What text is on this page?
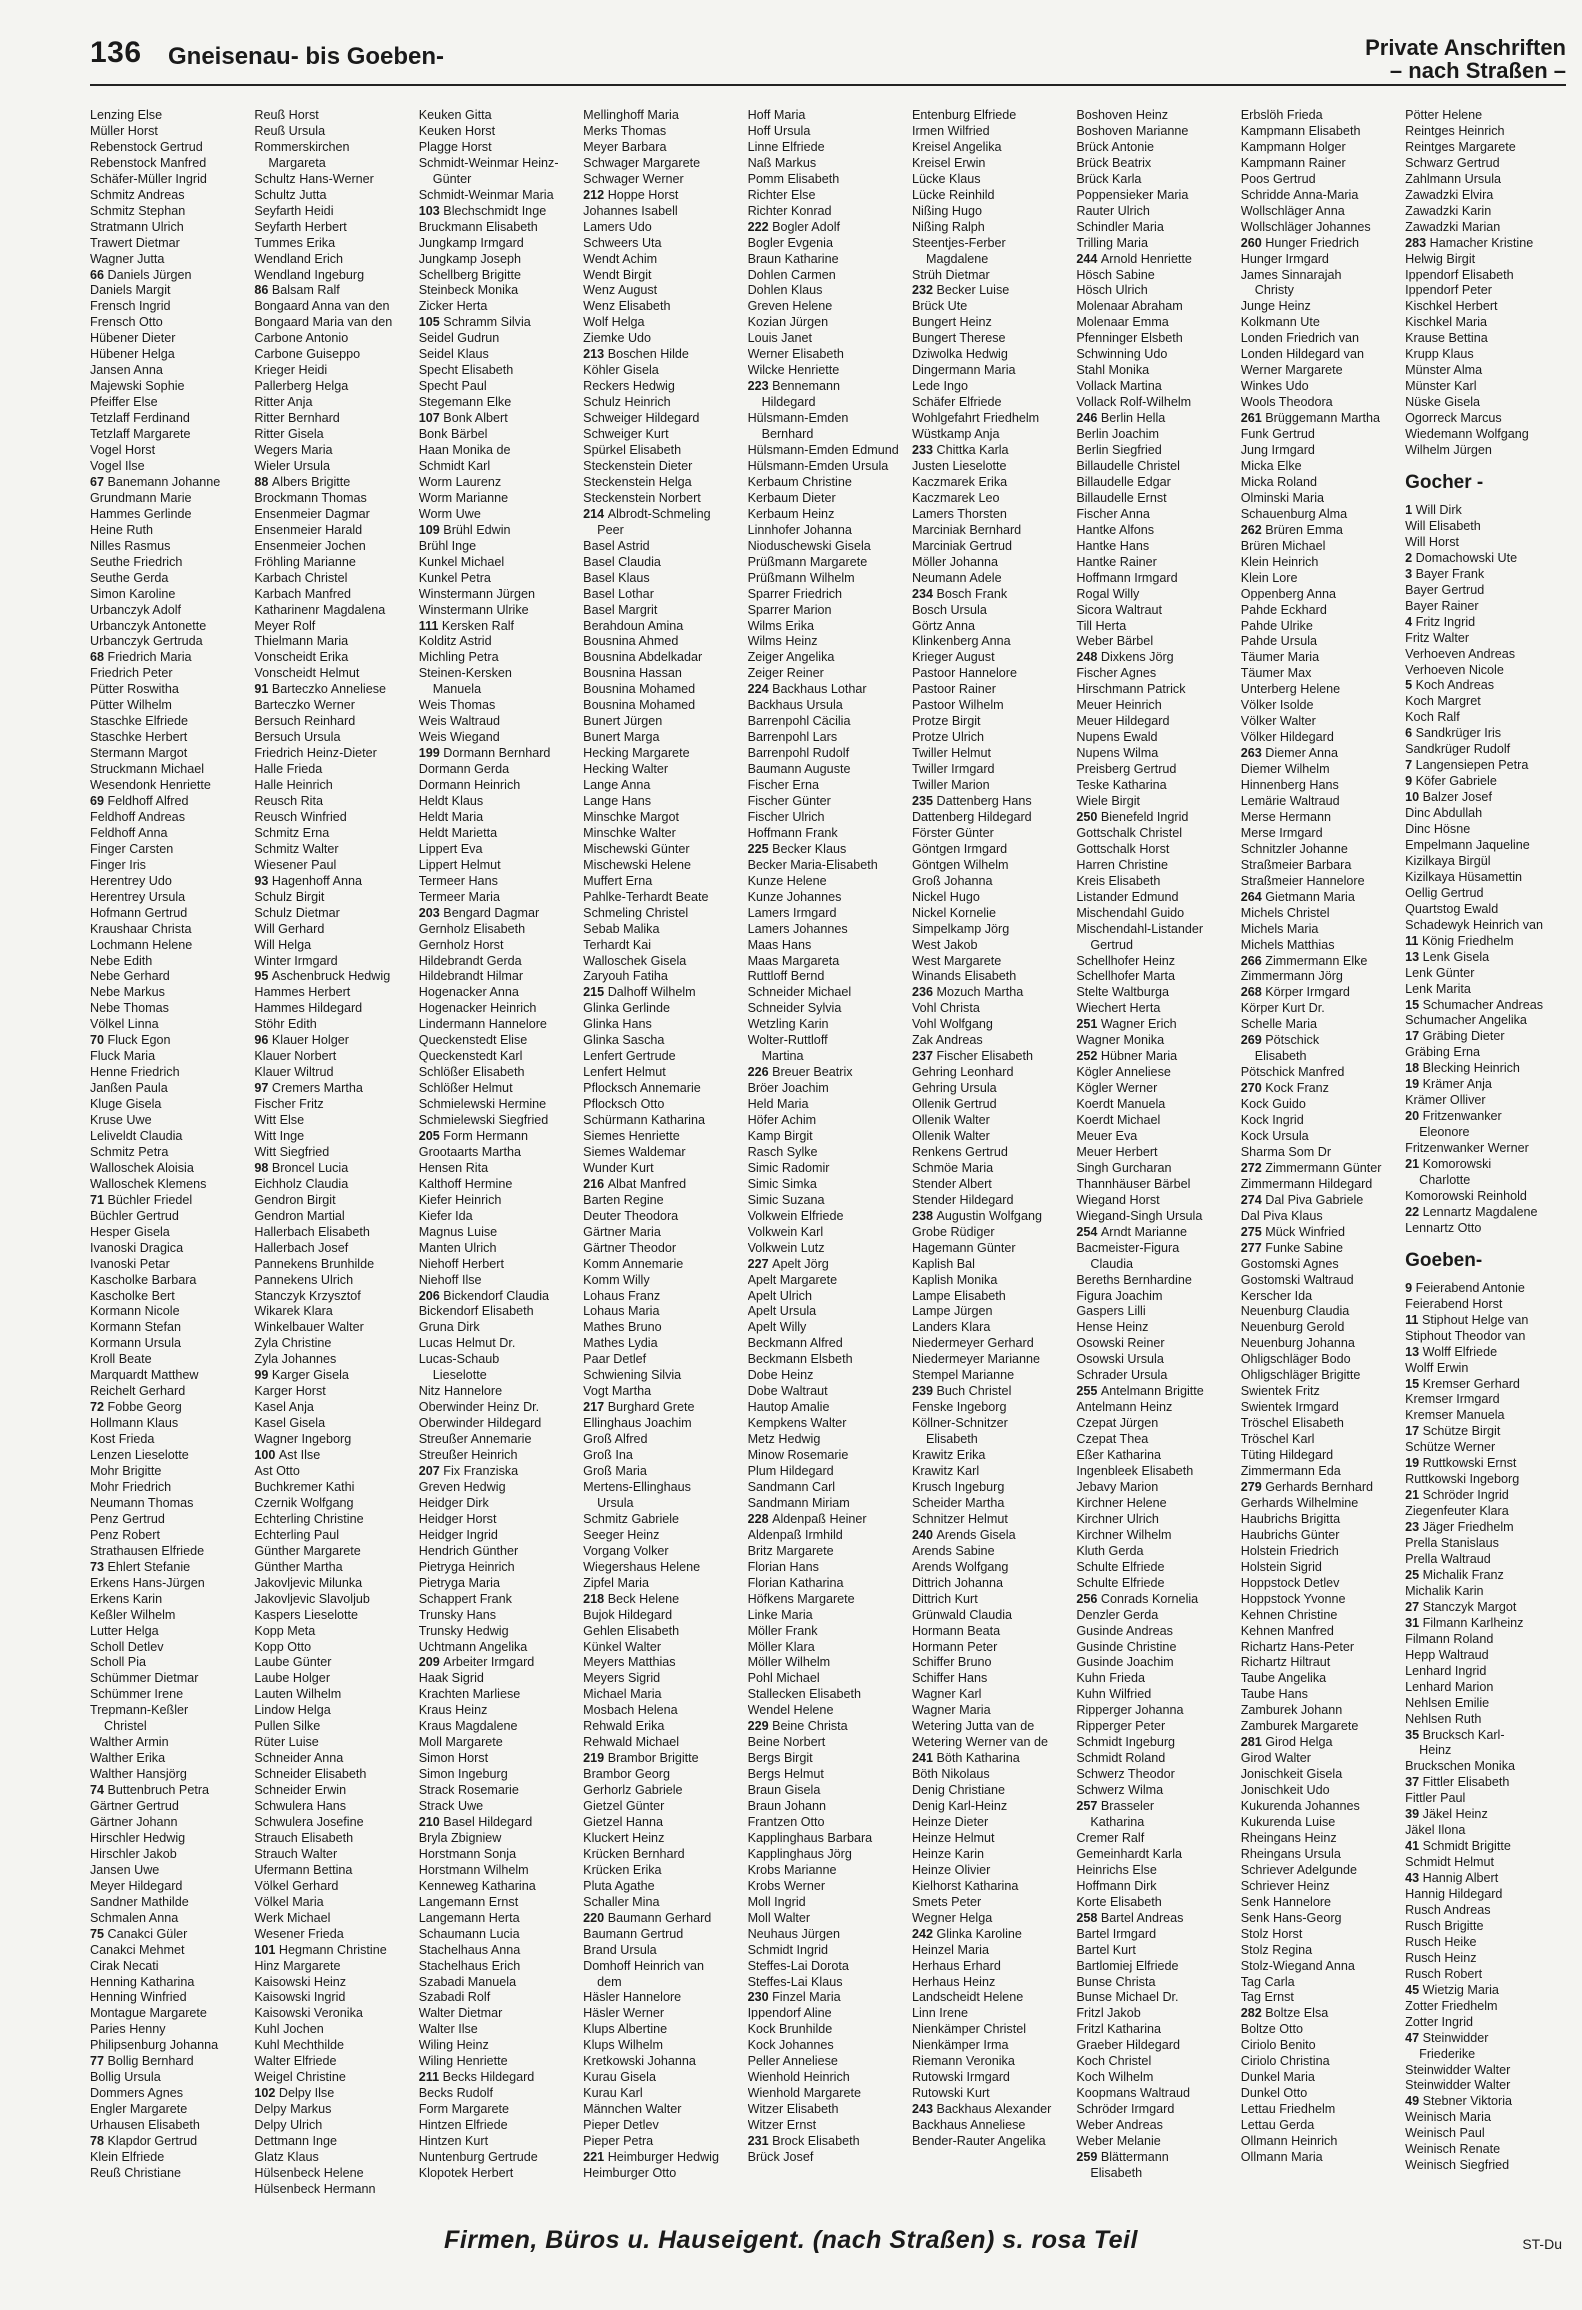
136 Gneisenau- bis Goeben-	Private Anschriften
– nach Straßen –
Lenzing Else
Müller Horst
Rebenstock Gertrud
Rebenstock Manfred
Schäfer-Müller Ingrid
Schmitz Andreas
Schmitz Stephan
Stratmann Ulrich
Trawert Dietmar
Wagner Jutta
66 Daniels Jürgen
Daniels Margit
Frensch Ingrid
Frensch Otto
Hübener Dieter
Hübener Helga
Jansen Anna
Majewski Sophie
Pfeiffer Else
Tetzlaff Ferdinand
Tetzlaff Margarete
Vogel Horst
Vogel Ilse
67 Banemann Johanne
Grundmann Marie
Hammes Gerlinde
Heine Ruth
Nilles Rasmus
Seuthe Friedrich
Seuthe Gerda
Simon Karoline
Urbanczyk Adolf
Urbanczyk Antonette
Urbanczyk Gertruda
68 Friedrich Maria
Friedrich Peter
Pütter Roswitha
Pütter Wilhelm
Staschke Elfriede
Staschke Herbert
Stermann Margot
Struckmann Michael
Wesendonk Henriette
69 Feldhoff Alfred
Feldhoff Andreas
Feldhoff Anna
Finger Carsten
Finger Iris
Herentrey Udo
Herentrey Ursula
Hofmann Gertrud
Kraushaar Christa
Lochmann Helene
Nebe Edith
Nebe Gerhard
Nebe Markus
Nebe Thomas
Völkel Linna
70 Fluck Egon
Fluck Maria
Henne Friedrich
Janßen Paula
Kluge Gisela
Kruse Uwe
Leliveldt Claudia
Schmitz Petra
Walloschek Aloisia
Walloschek Klemens
71 Büchler Friedel
Büchler Gertrud
Hesper Gisela
Ivanoski Dragica
Ivanoski Petar
Kascholke Barbara
Kascholke Bert
Kormann Nicole
Kormann Stefan
Kormann Ursula
Kroll Beate
Marquardt Matthew
Reichelt Gerhard
72 Fobbe Georg
Hollmann Klaus
Kost Frieda
Lenzen Lieselotte
Mohr Brigitte
Mohr Friedrich
Neumann Thomas
Penz Gertrud
Penz Robert
Strathausen Elfriede
73 Ehlert Stefanie
Erkens Hans-Jürgen
Erkens Karin
Keßler Wilhelm
Lutter Helga
Scholl Detlev
Scholl Pia
Schümmer Dietmar
Schümmer Irene
Trepmann-Keßler
Christel
Walther Armin
Walther Erika
Walther Hansjörg
74 Buttenbruch Petra
Gärtner Gertrud
Gärtner Johann
Hirschler Hedwig
Hirschler Jakob
Jansen Uwe
Meyer Hildegard
Sandner Mathilde
Schmalen Anna
75 Canakci Güler
Canakci Mehmet
Cirak Necati
Henning Katharina
Henning Winfried
Montague Margarete
Paries Henny
Philipsenburg Johanna
77 Bollig Bernhard
Bollig Ursula
Dommers Agnes
Engler Margarete
Urhausen Elisabeth
78 Klapdor Gertrud
Klein Elfriede
Reuß Christiane
Reuß Horst
Reuß Ursula
Rommerskirchen
Margareta
Schultz Hans-Werner
Schultz Jutta
Seyfarth Heidi
Seyfarth Herbert
Tummes Erika
Wendland Erich
Wendland Ingeburg
86 Balsam Ralf
Bongaard Anna van den
Bongaard Maria van den
Carbone Antonio
Carbone Guiseppo
Krieger Heidi
Pallerberg Helga
Ritter Anja
Ritter Bernhard
Ritter Gisela
Wegers Maria
Wieler Ursula
88 Albers Brigitte
Brockmann Thomas
Ensenmeier Dagmar
Ensenmeier Harald
Ensenmeier Jochen
Fröhling Marianne
Karbach Christel
Karbach Manfred
Katharinenr Magdalena
Meyer Rolf
Thielmann Maria
Vonscheidt Erika
Vonscheidt Helmut
91 Barteczko Anneliese
Barteczko Werner
Bersuch Reinhard
Bersuch Ursula
Friedrich Heinz-Dieter
Halle Frieda
Halle Heinrich
Reusch Rita
Reusch Winfried
Schmitz Erna
Schmitz Walter
Wiesener Paul
93 Hagenhoff Anna
Schulz Birgit
Schulz Dietmar
Will Gerhard
Will Helga
Winter Irmgard
95 Aschenbruck Hedwig
Hammes Herbert
Hammes Hildegard
Stöhr Edith
96 Klauer Holger
Klauer Norbert
Klauer Wiltrud
97 Cremers Martha
Fischer Fritz
Witt Else
Witt Inge
Witt Siegfried
98 Broncel Lucia
Eichholz Claudia
Gendron Birgit
Gendron Martial
Hallerbach Elisabeth
Hallerbach Josef
Pannekens Brunhilde
Pannekens Ulrich
Stanczyk Krzysztof
Wikarek Klara
Winkelbauer Walter
Zyla Christine
Zyla Johannes
99 Karger Gisela
Karger Horst
Kasel Anja
Kasel Gisela
Wagner Ingeborg
100 Ast Ilse
Ast Otto
Buchkremer Kathi
Czernik Wolfgang
Echterling Christine
Echterling Paul
Günther Margarete
Günther Martha
Jakovljevic Milunka
Jakovljevic Slavoljub
Kaspers Lieselotte
Kopp Meta
Kopp Otto
Laube Günter
Laube Holger
Lauten Wilhelm
Lindow Helga
Pullen Silke
Rüter Luise
Schneider Anna
Schneider Elisabeth
Schneider Erwin
Schwulera Hans
Schwulera Josefine
Strauch Elisabeth
Strauch Walter
Ufermann Bettina
Völkel Gerhard
Völkel Maria
Werk Michael
Wesener Frieda
101 Hegmann Christine
Hinz Margarete
Kaisowski Heinz
Kaisowski Ingrid
Kaisowski Veronika
Kuhl Jochen
Kuhl Mechthilde
Walter Elfriede
Weigel Christine
102 Delpy Ilse
Delpy Markus
Delpy Ulrich
Dettmann Inge
Glatz Klaus
Hülsenbeck Helene
Hülsenbeck Hermann
Keuken Gitta
Keuken Horst
Plagge Horst
Schmidt-Weinmar Heinz-
Günter
Schmidt-Weinmar Maria
103 Blechschmidt Inge
Bruckmann Elisabeth
Jungkamp Irmgard
Jungkamp Joseph
Schellberg Brigitte
Steinbeck Monika
Zicker Herta
105 Schramm Silvia
Seidel Gudrun
Seidel Klaus
Specht Elisabeth
Specht Paul
Stegemann Elke
107 Bonk Albert
Bonk Bärbel
Haan Monika de
Schmidt Karl
Worm Laurenz
Worm Marianne
Worm Uwe
109 Brühl Edwin
Brühl Inge
Kunkel Michael
Kunkel Petra
Winstermann Jürgen
Winstermann Ulrike
111 Kersken Ralf
Kolditz Astrid
Michling Petra
Steinen-Kersken
Manuela
Weis Thomas
Weis Waltraud
Weis Wiegand
199 Dormann Bernhard
Dormann Gerda
Dormann Heinrich
Heldt Klaus
Heldt Maria
Heldt Marietta
Lippert Eva
Lippert Helmut
Termeer Hans
Termeer Maria
203 Bengard Dagmar
Gernholz Elisabeth
Gernholz Horst
Hildebrandt Gerda
Hildebrandt Hilmar
Hogenacker Anna
Hogenacker Heinrich
Lindermann Hannelore
Queckenstedt Elise
Queckenstedt Karl
Schlößer Elisabeth
Schlößer Helmut
Schmielewski Hermine
Schmielewski Siegfried
205 Form Hermann
Grootaarts Martha
Hensen Rita
Kalthoff Hermine
Kiefer Heinrich
Kiefer Ida
Magnus Luise
Manten Ulrich
Niehoff Herbert
Niehoff Ilse
206 Bickendorf Claudia
Bickendorf Elisabeth
Gruna Dirk
Lucas Helmut Dr.
Lucas-Schaub
Lieselotte
Nitz Hannelore
Oberwinder Heinz Dr.
Oberwinder Hildegard
Streußer Annemarie
Streußer Heinrich
207 Fix Franziska
Greven Hedwig
Heidger Dirk
Heidger Horst
Heidger Ingrid
Hendrich Günther
Pietryga Heinrich
Pietryga Maria
Schappert Frank
Trunsky Hans
Trunsky Hedwig
Uchtmann Angelika
209 Arbeiter Irmgard
Haak Sigrid
Krachten Marliese
Kraus Heinz
Kraus Magdalene
Moll Margarete
Simon Horst
Simon Ingeburg
Strack Rosemarie
Strack Uwe
210 Basel Hildegard
Bryla Zbigniew
Horstmann Sonja
Horstmann Wilhelm
Kenneweg Katharina
Langemann Ernst
Langemann Herta
Schaumann Lucia
Stachelhaus Anna
Stachelhaus Erich
Szabadi Manuela
Szabadi Rolf
Walter Dietmar
Walter Ilse
Wiling Heinz
Wiling Henriette
211 Becks Hildegard
Becks Rudolf
Form Margarete
Hintzen Elfriede
Hintzen Kurt
Nuntenburg Gertrude
Klopotek Herbert
Mellinghoff Maria
Merks Thomas
Meyer Barbara
Schwager Margarete
Schwager Werner
212 Hoppe Horst
Johannes Isabell
Lamers Udo
Schweers Uta
Wendt Achim
Wendt Birgit
Wenz August
Wenz Elisabeth
Wolf Helga
Ziemke Udo
213 Boschen Hilde
Köhler Gisela
Reckers Hedwig
Schulz Heinrich
Schweiger Hildegard
Schweiger Kurt
Spürkel Elisabeth
Steckenstein Dieter
Steckenstein Helga
Steckenstein Norbert
214 Albrodt-Schmeling
Peer
Basel Astrid
Basel Claudia
Basel Klaus
Basel Lothar
Basel Margrit
Berahdoun Amina
Bousnina Ahmed
Bousnina Abdelkadar
Bousnina Hassan
Bousnina Mohamed
Bousnina Mohamed
Bunert Jürgen
Bunert Marga
Hecking Margarete
Hecking Walter
Lange Anna
Lange Hans
Minschke Margot
Minschke Walter
Mischewski Günter
Mischewski Helene
Muffert Erna
Pahlke-Terhardt Beate
Schmeling Christel
Sebab Malika
Terhardt Kai
Walloschek Gisela
Zaryouh Fatiha
215 Dalhoff Wilhelm
Glinka Gerlinde
Glinka Hans
Glinka Sascha
Lenfert Gertrude
Lenfert Helmut
Pflocksch Annemarie
Pflocksch Otto
Schürmann Katharina
Siemes Henriette
Siemes Waldemar
Wunder Kurt
216 Albat Manfred
Barten Regine
Deuter Theodora
Gärtner Maria
Gärtner Theodor
Komm Annemarie
Komm Willy
Lohaus Franz
Lohaus Maria
Mathes Bruno
Mathes Lydia
Paar Detlef
Schwiening Silvia
Vogt Martha
217 Burghard Grete
Ellinghaus Joachim
Groß Alfred
Groß Ina
Groß Maria
Mertens-Ellinghaus
Ursula
Schmitz Gabriele
Seeger Heinz
Vorgang Volker
Wiegershaus Helene
Zipfel Maria
218 Beck Helene
Bujok Hildegard
Gehlen Elisabeth
Künkel Walter
Meyers Matthias
Meyers Sigrid
Michael Maria
Mosbach Helena
Rehwald Erika
Rehwald Michael
219 Brambor Brigitte
Brambor Georg
Gerhorlz Gabriele
Gietzel Günter
Gietzel Hanna
Kluckert Heinz
Krücken Bernhard
Krücken Erika
Pluta Agathe
Schaller Mina
220 Baumann Gerhard
Baumann Gertrud
Brand Ursula
Domhoff Heinrich van
dem
Häsler Hannelore
Häsler Werner
Klups Albertine
Klups Wilhelm
Kretkowski Johanna
Kurau Gisela
Kurau Karl
Männchen Walter
Pieper Detlev
Pieper Petra
221 Heimburger Hedwig
Heimburger Otto
Hoff Maria
Hoff Ursula
Linne Elfriede
Naß Markus
Pomm Elisabeth
Richter Else
Richter Konrad
222 Bogler Adolf
Bogler Evgenia
Braun Katharine
Dohlen Carmen
Dohlen Klaus
Greven Helene
Kozian Jürgen
Louis Janet
Werner Elisabeth
Wilcke Henriette
223 Bennemann
Hildegard
Hülsmann-Emden
Bernhard
Hülsmann-Emden Edmund
Hülsmann-Emden Ursula
Kerbaum Christine
Kerbaum Dieter
Kerbaum Heinz
Linnhofer Johanna
Nioduschewski Gisela
Prüßmann Margarete
Prüßmann Wilhelm
Sparrer Friedrich
Sparrer Marion
Wilms Erika
Wilms Heinz
Zeiger Angelika
Zeiger Reiner
224 Backhaus Lothar
Backhaus Ursula
Barrenpohl Cäcilia
Barrenpohl Lars
Barrenpohl Rudolf
Baumann Auguste
Fischer Erna
Fischer Günter
Fischer Ulrich
Hoffmann Frank
225 Becker Klaus
Becker Maria-Elisabeth
Kunze Helene
Kunze Johannes
Lamers Irmgard
Lamers Johannes
Maas Hans
Maas Margareta
Ruttloff Bernd
Schneider Michael
Schneider Sylvia
Wetzling Karin
Wolter-Ruttloff
Martina
226 Breuer Beatrix
Bröer Joachim
Held Maria
Höfer Achim
Kamp Birgit
Rasch Sylke
Simic Radomir
Simic Simka
Simic Suzana
Volkwein Elfriede
Volkwein Karl
Volkwein Lutz
227 Apelt Jörg
Apelt Margarete
Apelt Ulrich
Apelt Ursula
Apelt Willy
Beckmann Alfred
Beckmann Elsbeth
Dobe Heinz
Dobe Waltraut
Hautop Amalie
Kempkens Walter
Metz Hedwig
Minow Rosemarie
Plum Hildegard
Sandmann Carl
Sandmann Miriam
228 Aldenpaß Heiner
Aldenpaß Irmhild
Britz Margarete
Florian Hans
Florian Katharina
Höfkens Margarete
Linke Maria
Möller Frank
Möller Klara
Möller Wilhelm
Pohl Michael
Stallecken Elisabeth
Wendel Helene
229 Beine Christa
Beine Norbert
Bergs Birgit
Bergs Helmut
Braun Gisela
Braun Johann
Frantzen Otto
Kapplinghaus Barbara
Kapplinghaus Jörg
Krobs Marianne
Krobs Werner
Moll Ingrid
Moll Walter
Neuhaus Jürgen
Schmidt Ingrid
Steffes-Lai Dorota
Steffes-Lai Klaus
230 Finzel Maria
Ippendorf Aline
Kock Brunhilde
Kock Johannes
Peller Anneliese
Wienhold Heinrich
Wienhold Margarete
Witzer Elisabeth
Witzer Ernst
231 Brock Elisabeth
Brück Josef
Entenburg Elfriede
Irmen Wilfried
Kreisel Angelika
Kreisel Erwin
Lücke Klaus
Lücke Reinhild
Nißing Hugo
Nißing Ralph
Steentjes-Ferber
Magdalene
Strüh Dietmar
232 Becker Luise
Brück Ute
Bungert Heinz
Bungert Therese
Dziwolka Hedwig
Dingermann Maria
Lede Ingo
Schäfer Elfriede
Wohlgefahrt Friedhelm
Wüstkamp Anja
233 Chittka Karla
Justen Lieselotte
Kaczmarek Erika
Kaczmarek Leo
Lamers Thorsten
Marciniak Bernhard
Marciniak Gertrud
Möller Johanna
Neumann Adele
234 Bosch Frank
Bosch Ursula
Görtz Anna
Klinkenberg Anna
Krieger August
Pastoor Hannelore
Pastoor Rainer
Pastoor Wilhelm
Protze Birgit
Protze Ulrich
Twiller Helmut
Twiller Irmgard
Twiller Marion
235 Dattenberg Hans
Dattenberg Hildegard
Förster Günter
Göntgen Irmgard
Göntgen Wilhelm
Groß Johanna
Nickel Hugo
Nickel Kornelie
Simpelkamp Jörg
West Jakob
West Margarete
Winands Elisabeth
236 Mozuch Martha
Vohl Christa
Vohl Wolfgang
Zak Andreas
237 Fischer Elisabeth
Gehring Leonhard
Gehring Ursula
Ollenik Gertrud
Ollenik Walter
Ollenik Walter
Renkens Gertrud
Schmöe Maria
Stender Albert
Stender Hildegard
238 Augustin Wolfgang
Grobe Rüdiger
Hagemann Günter
Kaplish Bal
Kaplish Monika
Lampe Elisabeth
Lampe Jürgen
Landers Klara
Niedermeyer Gerhard
Niedermeyer Marianne
Stempel Marianne
239 Buch Christel
Fenske Ingeborg
Köllner-Schnitzer
Elisabeth
Krawitz Erika
Krawitz Karl
Krusch Ingeburg
Scheider Martha
Schnitzer Helmut
240 Arends Gisela
Arends Sabine
Arends Wolfgang
Dittrich Johanna
Dittrich Kurt
Grünwald Claudia
Hormann Beata
Hormann Peter
Schiffer Bruno
Schiffer Hans
Wagner Karl
Wagner Maria
Wetering Jutta van de
Wetering Werner van de
241 Böth Katharina
Böth Nikolaus
Denig Christiane
Denig Karl-Heinz
Heinze Dieter
Heinze Helmut
Heinze Karin
Heinze Olivier
Kielhorst Katharina
Smets Peter
Wegner Helga
242 Glinka Karoline
Heinzel Maria
Herhaus Erhard
Herhaus Heinz
Landscheidt Helene
Linn Irene
Nienkämper Christel
Nienkämper Irma
Riemann Veronika
Rutowski Irmgard
Rutowski Kurt
243 Backhaus Alexander
Backhaus Anneliese
Bender-Rauter Angelika
Boshoven Heinz
Boshoven Marianne
Brück Antonie
Brück Beatrix
Brück Karla
Poppensieker Maria
Rauter Ulrich
Schindler Maria
Trilling Maria
244 Arnold Henriette
Hösch Sabine
Hösch Ulrich
Molenaar Abraham
Molenaar Emma
Pfenninger Elsbeth
Schwinning Udo
Stahl Monika
Vollack Martina
Vollack Rolf-Wilhelm
246 Berlin Hella
Berlin Joachim
Berlin Siegfried
Billaudelle Christel
Billaudelle Edgar
Billaudelle Ernst
Fischer Anna
Hantke Alfons
Hantke Hans
Hantke Rainer
Hoffmann Irmgard
Rogal Willy
Sicora Waltraut
Till Herta
Weber Bärbel
248 Dixkens Jörg
Fischer Agnes
Hirschmann Patrick
Meuer Heinrich
Meuer Hildegard
Nupens Ewald
Nupens Wilma
Preisberg Gertrud
Teske Katharina
Wiele Birgit
250 Bienefeld Ingrid
Gottschalk Christel
Gottschalk Horst
Harren Christine
Kreis Elisabeth
Listander Edmund
Mischendahl Guido
Mischendahl-Listander
Gertrud
Schellhofer Heinz
Schellhofer Marta
Stelte Waltburga
Wiechert Herta
251 Wagner Erich
Wagner Monika
252 Hübner Maria
Kögler Anneliese
Kögler Werner
Koerdt Manuela
Koerdt Michael
Meuer Eva
Meuer Herbert
Singh Gurcharan
Thannhäuser Bärbel
Wiegand Horst
Wiegand-Singh Ursula
254 Arndt Marianne
Bacmeister-Figura
Claudia
Bereths Bernhardine
Figura Joachim
Gaspers Lilli
Hense Heinz
Osowski Reiner
Osowski Ursula
Schrader Ursula
255 Antelmann Brigitte
Antelmann Heinz
Czepat Jürgen
Czepat Thea
Eßer Katharina
Ingenbleek Elisabeth
Jebavy Marion
Kirchner Helene
Kirchner Ulrich
Kirchner Wilhelm
Kluth Gerda
Schulte Elfriede
Schulte Elfriede
256 Conrads Kornelia
Denzler Gerda
Gusinde Andreas
Gusinde Christine
Gusinde Joachim
Kuhn Frieda
Kuhn Wilfried
Ripperger Johanna
Ripperger Peter
Schmidt Ingeburg
Schmidt Roland
Schwerz Theodor
Schwerz Wilma
257 Brasseler
Katharina
Cremer Ralf
Gemeinhardt Karla
Heinrichs Else
Hoffmann Dirk
Korte Elisabeth
258 Bartel Andreas
Bartel Irmgard
Bartel Kurt
Bartlomiej Elfriede
Bunse Christa
Bunse Michael Dr.
Fritzl Jakob
Fritzl Katharina
Graeber Hildegard
Koch Christel
Koch Wilhelm
Koopmans Waltraud
Schröder Irmgard
Weber Andreas
Weber Melanie
259 Blättermann
Elisabeth
Erbslöh Frieda
Kampmann Elisabeth
Kampmann Holger
Kampmann Rainer
Poos Gertrud
Schridde Anna-Maria
Wollschläger Anna
Wollschläger Johannes
260 Hunger Friedrich
Hunger Irmgard
James Sinnarajah
Christy
Junge Heinz
Kolkmann Ute
Londen Friedrich van
Londen Hildegard van
Werner Margarete
Winkes Udo
Wools Theodora
261 Brüggemann Martha
Funk Gertrud
Jung Irmgard
Micka Elke
Micka Roland
Olminski Maria
Schauenburg Alma
262 Brüren Emma
Brüren Michael
Klein Heinrich
Klein Lore
Oppenberg Anna
Pahde Eckhard
Pahde Ulrike
Pahde Ursula
Täumer Maria
Täumer Max
Unterberg Helene
Völker Isolde
Völker Walter
Völker Hildegard
263 Diemer Anna
Diemer Wilhelm
Hinnenberg Hans
Lemärie Waltraud
Merse Hermann
Merse Irmgard
Schnitzler Johanne
Straßmeier Barbara
Straßmeier Hannelore
264 Gietmann Maria
Michels Christel
Michels Maria
Michels Matthias
266 Zimmermann Elke
Zimmermann Jörg
268 Körper Irmgard
Körper Kurt Dr.
Schelle Maria
269 Pötschick
Elisabeth
Pötschick Manfred
270 Kock Franz
Kock Guido
Kock Ingrid
Kock Ursula
Sharma Som Dr
272 Zimmermann Günter
Zimmermann Hildegard
274 Dal Piva Gabriele
Dal Piva Klaus
275 Mück Winfried
277 Funke Sabine
Gostomski Agnes
Gostomski Waltraud
Kerscher Ida
Neuenburg Claudia
Neuenburg Gerold
Neuenburg Johanna
Ohligschläger Bodo
Ohligschläger Brigitte
Swientek Fritz
Swientek Irmgard
Tröschel Elisabeth
Tröschel Karl
Tüting Hildegard
Zimmermann Eda
279 Gerhards Bernhard
Gerhards Wilhelmine
Haubrichs Brigitta
Haubrichs Günter
Holstein Friedrich
Holstein Sigrid
Hoppstock Detlev
Hoppstock Yvonne
Kehnen Christine
Kehnen Manfred
Richartz Hans-Peter
Richartz Hiltraut
Taube Angelika
Taube Hans
Zamburek Johann
Zamburek Margarete
281 Girod Helga
Girod Walter
Jonischkeit Gisela
Jonischkeit Udo
Kukurenda Johannes
Kukurenda Luise
Rheingans Heinz
Rheingans Ursula
Schriever Adelgunde
Schriever Heinz
Senk Hannelore
Senk Hans-Georg
Stolz Horst
Stolz Regina
Stolz-Wiegand Anna
Tag Carla
Tag Ernst
282 Boltze Elsa
Boltze Otto
Ciriolo Benito
Ciriolo Christina
Dunkel Maria
Dunkel Otto
Lettau Friedhelm
Lettau Gerda
Ollmann Heinrich
Ollmann Maria
Pötter Helene
Reintges Heinrich
Reintges Margarete
Schwarz Gertrud
Zahlmann Ursula
Zawadzki Elvira
Zawadzki Karin
Zawadzki Marian
283 Hamacher Kristine
Helwig Birgit
Ippendorf Elisabeth
Ippendorf Peter
Kischkel Herbert
Kischkel Maria
Krause Bettina
Krupp Klaus
Münster Alma
Münster Karl
Nüske Gisela
Ogorreck Marcus
Wiedemann Wolfgang
Wilhelm Jürgen
Gocher -
1 Will Dirk
Will Elisabeth
Will Horst
2 Domachowski Ute
3 Bayer Frank
Bayer Gertrud
Bayer Rainer
4 Fritz Ingrid
Fritz Walter
Verhoeven Andreas
Verhoeven Nicole
5 Koch Andreas
Koch Margret
Koch Ralf
6 Sandkrüger Iris
Sandkrüger Rudolf
7 Langensiepen Petra
9 Köfer Gabriele
10 Balzer Josef
Dinc Abdullah
Dinc Hösne
Empelmann Jaqueline
Kizilkaya Birgül
Kizilkaya Hüsamettin
Oellig Gertrud
Quartstog Ewald
Schadewyk Heinrich van
11 König Friedhelm
13 Lenk Gisela
Lenk Günter
Lenk Marita
15 Schumacher Andreas
Schumacher Angelika
17 Gräbing Dieter
Gräbing Erna
18 Blecking Heinrich
19 Krämer Anja
Krämer Olliver
20 Fritzenwanker
Eleonore
Fritzenwanker Werner
21 Komorowski
Charlotte
Komorowski Reinhold
22 Lennartz Magdalene
Lennartz Otto
Goeben-
9 Feierabend Antonie
Feierabend Horst
11 Stiphout Helge van
Stiphout Theodor van
13 Wolff Elfriede
Wolff Erwin
15 Kremser Gerhard
Kremser Irmgard
Kremser Manuela
17 Schütze Birgit
Schütze Werner
19 Ruttkowski Ernst
Ruttkowski Ingeborg
21 Schröder Ingrid
Ziegenfeuter Klara
23 Jäger Friedhelm
Prella Stanislaus
Prella Waltraud
25 Michalik Franz
Michalik Karin
27 Stanczyk Margot
31 Filmann Karlheinz
Filmann Roland
Hepp Waltraud
Lenhard Ingrid
Lenhard Marion
Nehlsen Emilie
Nehlsen Ruth
35 Brucksch Karl-
Heinz
Bruckschen Monika
37 Fittler Elisabeth
Fittler Paul
39 Jäkel Heinz
Jäkel Ilona
41 Schmidt Brigitte
Schmidt Helmut
43 Hannig Albert
Hannig Hildegard
Rusch Andreas
Rusch Brigitte
Rusch Heike
Rusch Heinz
Rusch Robert
45 Wietzig Maria
Zotter Friedhelm
Zotter Ingrid
47 Steinwidder
Friederike
Steinwidder Walter
Steinwidder Walter
49 Stebner Viktoria
Weinisch Maria
Weinisch Paul
Weinisch Renate
Weinisch Siegfried
Firmen, Büros u. Hauseigent. (nach Straßen) s. rosa Teil	ST-Du
